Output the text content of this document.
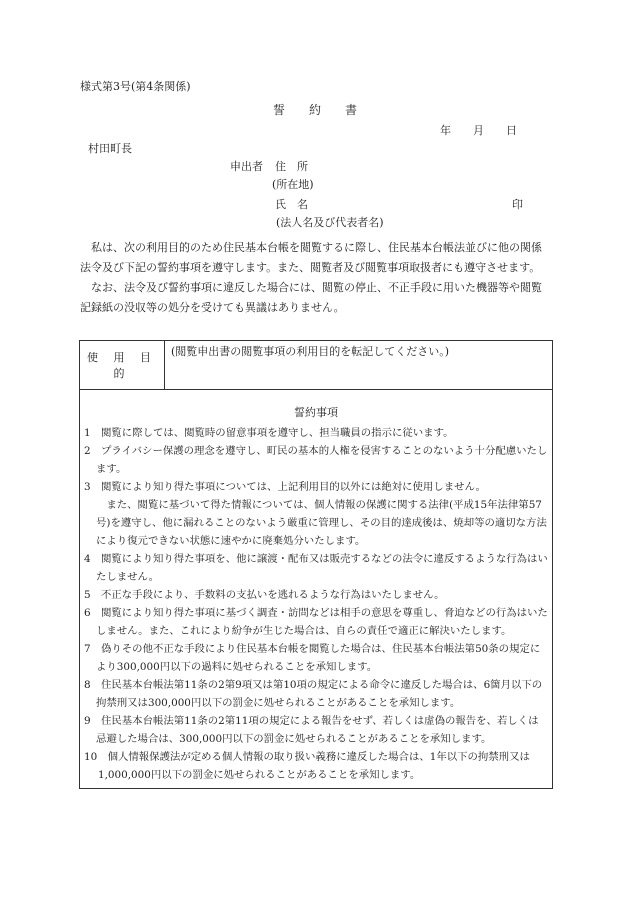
様式第3号(第4条関係)
誓　　約　　書
年　　月　　日
村田町長
申出者 住　所
(所在地)
氏　名	印
(法人名及び代表者名)

　私は、次の利用目的のため住民基本台帳を閲覧するに際し、住民基本台帳法並びに他の関係法令及び下記の誓約事項を遵守します。また、閲覧者及び閲覧事項取扱者にも遵守させます。

　なお、法令及び誓約事項に違反した場合には、閲覧の停止、不正手段に用いた機器等や閲覧記録紙の没収等の処分を受けても異議はありません。

使 用 目 的	(閲覧申出書の閲覧事項の利用目的を転記してください。)

誓約事項
1　 閲覧に際しては、閲覧時の留意事項を遵守し、担当職員の指示に従います。
2　 プライバシー保護の理念を遵守し、町民の基本的人権を侵害することのないよう十分配慮いたします。
3　 閲覧により知り得た事項については、上記利用目的以外には絶対に使用しません。

また、閲覧に基づいて得た情報については、個人情報の保護に関する法律(平成15年法律第57号)を遵守し、他に漏れることのないよう厳重に管理し、その目的達成後は、焼却等の適切な方法により復元できない状態に速やかに廃棄処分いたします。

4　 閲覧により知り得た事項を、他に譲渡・配布又は販売するなどの法令に違反するような行為はいたしません。
5　 不正な手段により、手数料の支払いを逃れるような行為はいたしません。
6　 閲覧により知り得た事項に基づく調査・訪問などは相手の意思を尊重し、脅迫などの行為はいたしません。また、これにより紛争が生じた場合は、自らの責任で適正に解決いたします。
7　 偽りその他不正な手段により住民基本台帳を閲覧した場合は、住民基本台帳法第50条の規定により300,000円以下の過料に処せられることを承知します。
8　 住民基本台帳法第11条の2第9項又は第10項の規定による命令に違反した場合は、6箇月以下の拘禁刑又は300,000円以下の罰金に処せられることがあることを承知します。
9　 住民基本台帳法第11条の2第11項の規定による報告をせず、若しくは虚偽の報告を、若しくは忌避した場合は、300,000円以下の罰金に処せられることがあることを承知します。
10　 個人情報保護法が定める個人情報の取り扱い義務に違反した場合は、1年以下の拘禁刑又は1,000,000円以下の罰金に処せられることがあることを承知します。
